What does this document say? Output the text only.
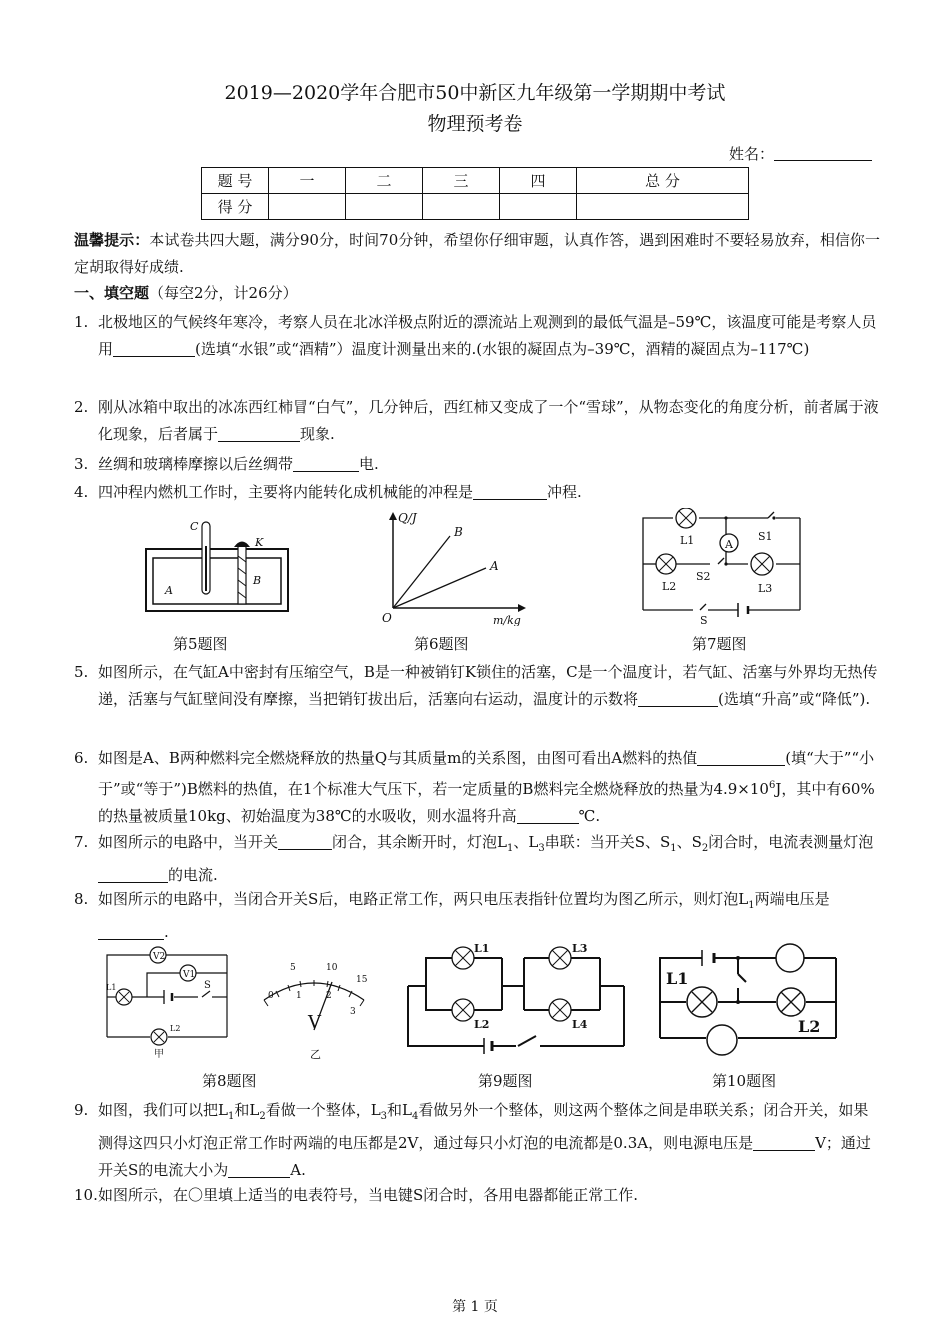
2019—2020学年合肥市50中新区九年级第一学期期中考试
物理预考卷
姓名：
题 号	一	二	三	四	总 分
得 分					
温馨提示：本试卷共四大题，满分90分，时间70分钟，希望你仔细审题，认真作答，遇到困难时不要轻易放弃，相信你一定胡取得好成绩.
一、填空题（每空2分，计26分）
1. 北极地区的气候终年寒冷，考察人员在北冰洋极点附近的漂流站上观测到的最低气温是–59℃，该温度可能是考察人员用	(选填“水银”或“酒精”）温度计测量出来的.(水银的凝固点为–39℃，酒精的凝固点为–117℃)
2. 刚从冰箱中取出的冰冻西红柿冒“白气”，几分钟后，西红柿又变成了一个“雪球”，从物态变化的角度分析，前者属于液化现象，后者属于	现象.
3. 丝绸和玻璃棒摩擦以后丝绸带	电.
4. 四冲程内燃机工作时，主要将内能转化成机械能的冲程是	冲程.
C
K
A
B
Q/J
m/kg
O
B
A
A
L1
L2	L3
S1
S2
S
第5题图	第6题图	第7题图
5. 如图所示，在气缸A中密封有压缩空气，B是一种被销钉K锁住的活塞，C是一个温度计，若气缸、活塞与外界均无热传递，活塞与气缸壁间没有摩擦，当把销钉拔出后，活塞向右运动，温度计的示数将	(选填“升高”或“降低”).
6. 如图是A、B两种燃料完全燃烧释放的热量Q与其质量m的关系图，由图可看出A燃料的热值	(填“大于”“小于”或“等于”)B燃料的热值，在1个标准大气压下，若一定质量的B燃料完全燃烧释放的热量为$4.9\times 10^6J$，其中有60%的热量被质量10kg、初始温度为38℃的水吸收，则水温将升高	℃.
7. 如图所示的电路中，当开关	闭合，其余断开时，灯泡$L_1$、$L_3$串联：当开关S、$S_1$、$S_2$闭合时，电流表测量灯泡的电流.
8. 如图所示的电路中，当闭合开关S后，电路正常工作，两只电压表指针位置均为图乙所示，则灯泡$L_1$两端电压是.
V2
V1
L1
L2
S
甲
5	10
15
0 1	2
3
V
乙
L1
L2
L3
L4
L1
L2
第8题图	第9题图	第10题图
9. 如图，我们可以把$L_1$和$L_2$看做一个整体，$L_3$和$L_4$看做另外一个整体，则这两个整体之间是串联关系；闭合开关，如果测得这四只小灯泡正常工作时两端的电压都是2V，通过每只小灯泡的电流都是0.3A，则电源电压是	V；通过开关S的电流大小为	A.
10. 如图所示，在〇里填上适当的电表符号，当电键S闭合时，各用电器都能正常工作.
第 1 页
